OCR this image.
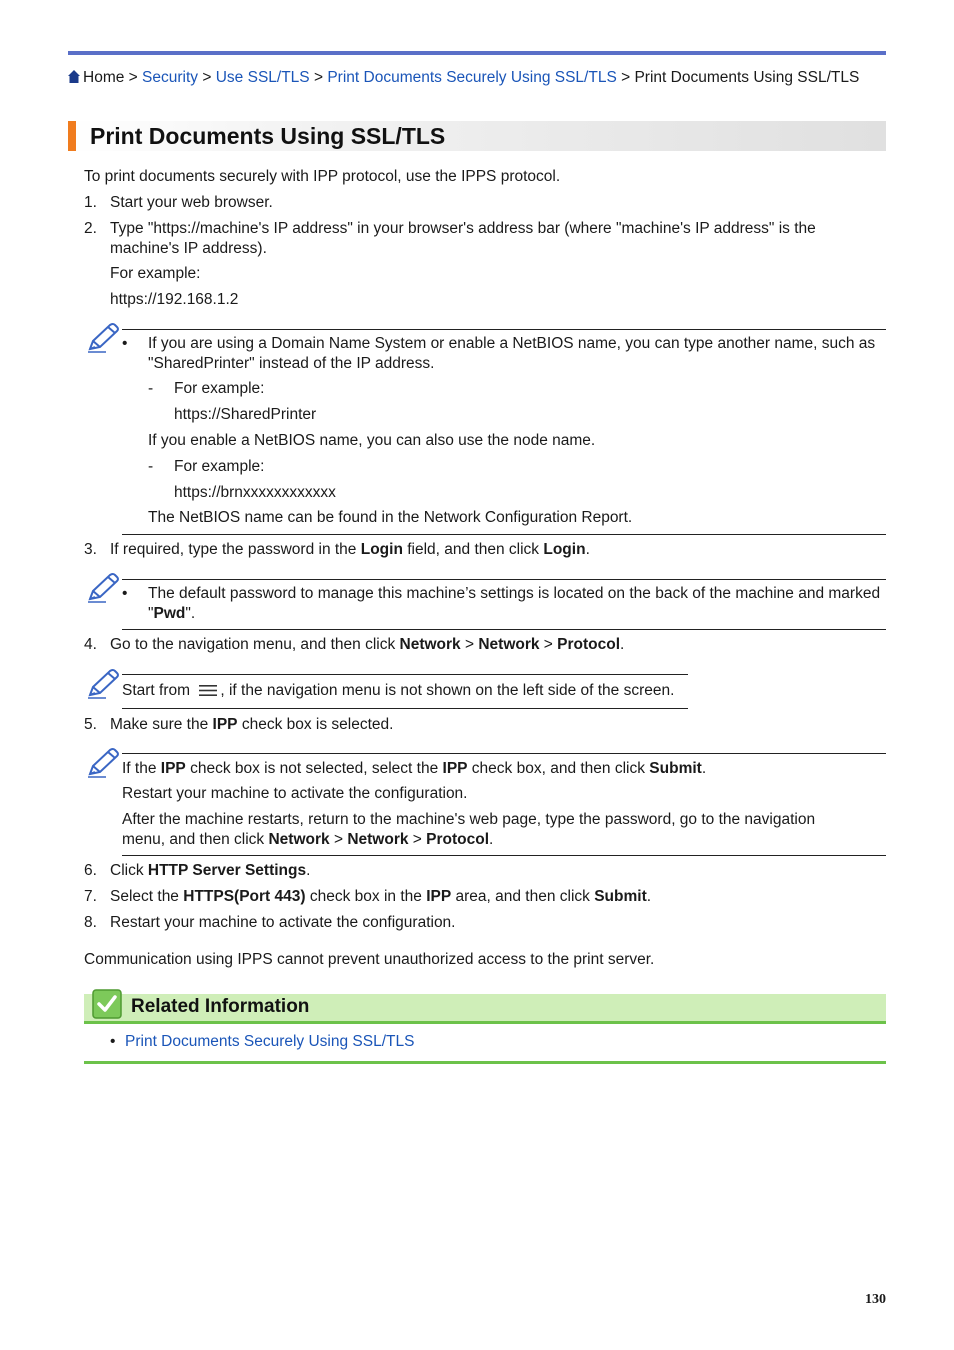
Home > Security > Use SSL/TLS > Print Documents Securely Using SSL/TLS > Print Documents Using SSL/TLS
Print Documents Using SSL/TLS
To print documents securely with IPP protocol, use the IPPS protocol.
1. Start your web browser.
2. Type "https://machine's IP address" in your browser's address bar (where "machine's IP address" is the machine's IP address).
For example:
https://192.168.1.2
• If you are using a Domain Name System or enable a NetBIOS name, you can type another name, such as "SharedPrinter" instead of the IP address.
- For example:
https://SharedPrinter
If you enable a NetBIOS name, you can also use the node name.
- For example:
https://brnxxxxxxxxxxxx
The NetBIOS name can be found in the Network Configuration Report.
3. If required, type the password in the Login field, and then click Login.
• The default password to manage this machine’s settings is located on the back of the machine and marked "Pwd".
4. Go to the navigation menu, and then click Network > Network > Protocol.
Start from , if the navigation menu is not shown on the left side of the screen.
5. Make sure the IPP check box is selected.
If the IPP check box is not selected, select the IPP check box, and then click Submit.
Restart your machine to activate the configuration.
After the machine restarts, return to the machine's web page, type the password, go to the navigation menu, and then click Network > Network > Protocol.
6. Click HTTP Server Settings.
7. Select the HTTPS(Port 443) check box in the IPP area, and then click Submit.
8. Restart your machine to activate the configuration.
Communication using IPPS cannot prevent unauthorized access to the print server.
Related Information
• Print Documents Securely Using SSL/TLS
130
